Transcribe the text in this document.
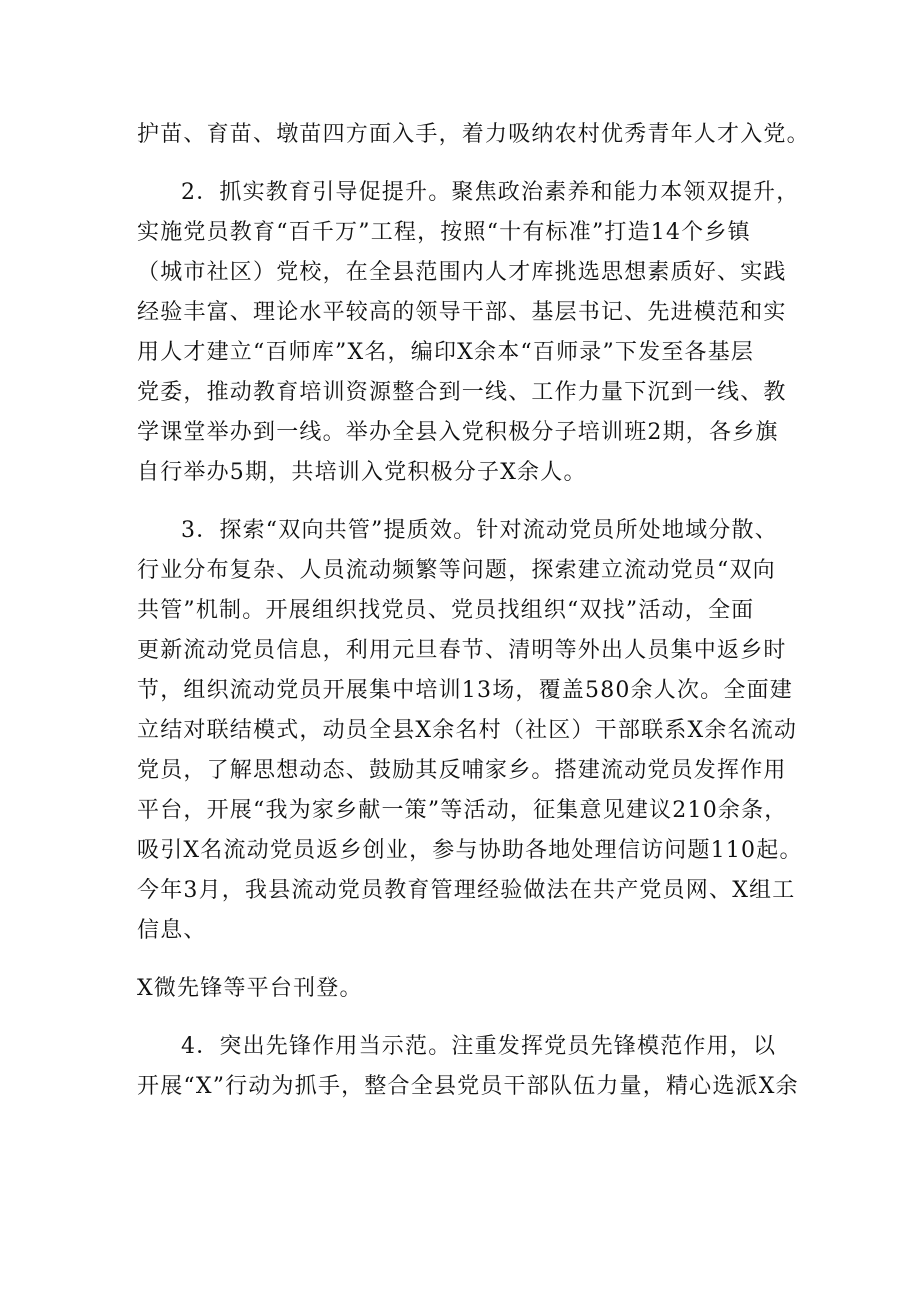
护苗、育苗、墩苗四方面入手，着力吸纳农村优秀青年人才入党。
2．抓实教育引导促提升。聚焦政治素养和能力本领双提升，
实施党员教育“百千万”工程，按照“十有标准”打造14个乡镇
（城市社区）党校，在全县范围内人才库挑选思想素质好、实践
经验丰富、理论水平较高的领导干部、基层书记、先进模范和实
用人才建立“百师库”X名，编印X余本“百师录”下发至各基层
党委，推动教育培训资源整合到一线、工作力量下沉到一线、教
学课堂举办到一线。举办全县入党积极分子培训班2期，各乡旗
自行举办5期，共培训入党积极分子X余人。
3．探索“双向共管”提质效。针对流动党员所处地域分散、
行业分布复杂、人员流动频繁等问题，探索建立流动党员“双向
共管”机制。开展组织找党员、党员找组织“双找”活动，全面
更新流动党员信息，利用元旦春节、清明等外出人员集中返乡时
节，组织流动党员开展集中培训13场，覆盖580余人次。全面建
立结对联结模式，动员全县X余名村（社区）干部联系X余名流动
党员，了解思想动态、鼓励其反哺家乡。搭建流动党员发挥作用
平台，开展“我为家乡献一策”等活动，征集意见建议210余条，
吸引X名流动党员返乡创业，参与协助各地处理信访问题110起。
今年3月，我县流动党员教育管理经验做法在共产党员网、X组工
信息、
X微先锋等平台刊登。
4．突出先锋作用当示范。注重发挥党员先锋模范作用，以
开展“X”行动为抓手，整合全县党员干部队伍力量，精心选派X余
